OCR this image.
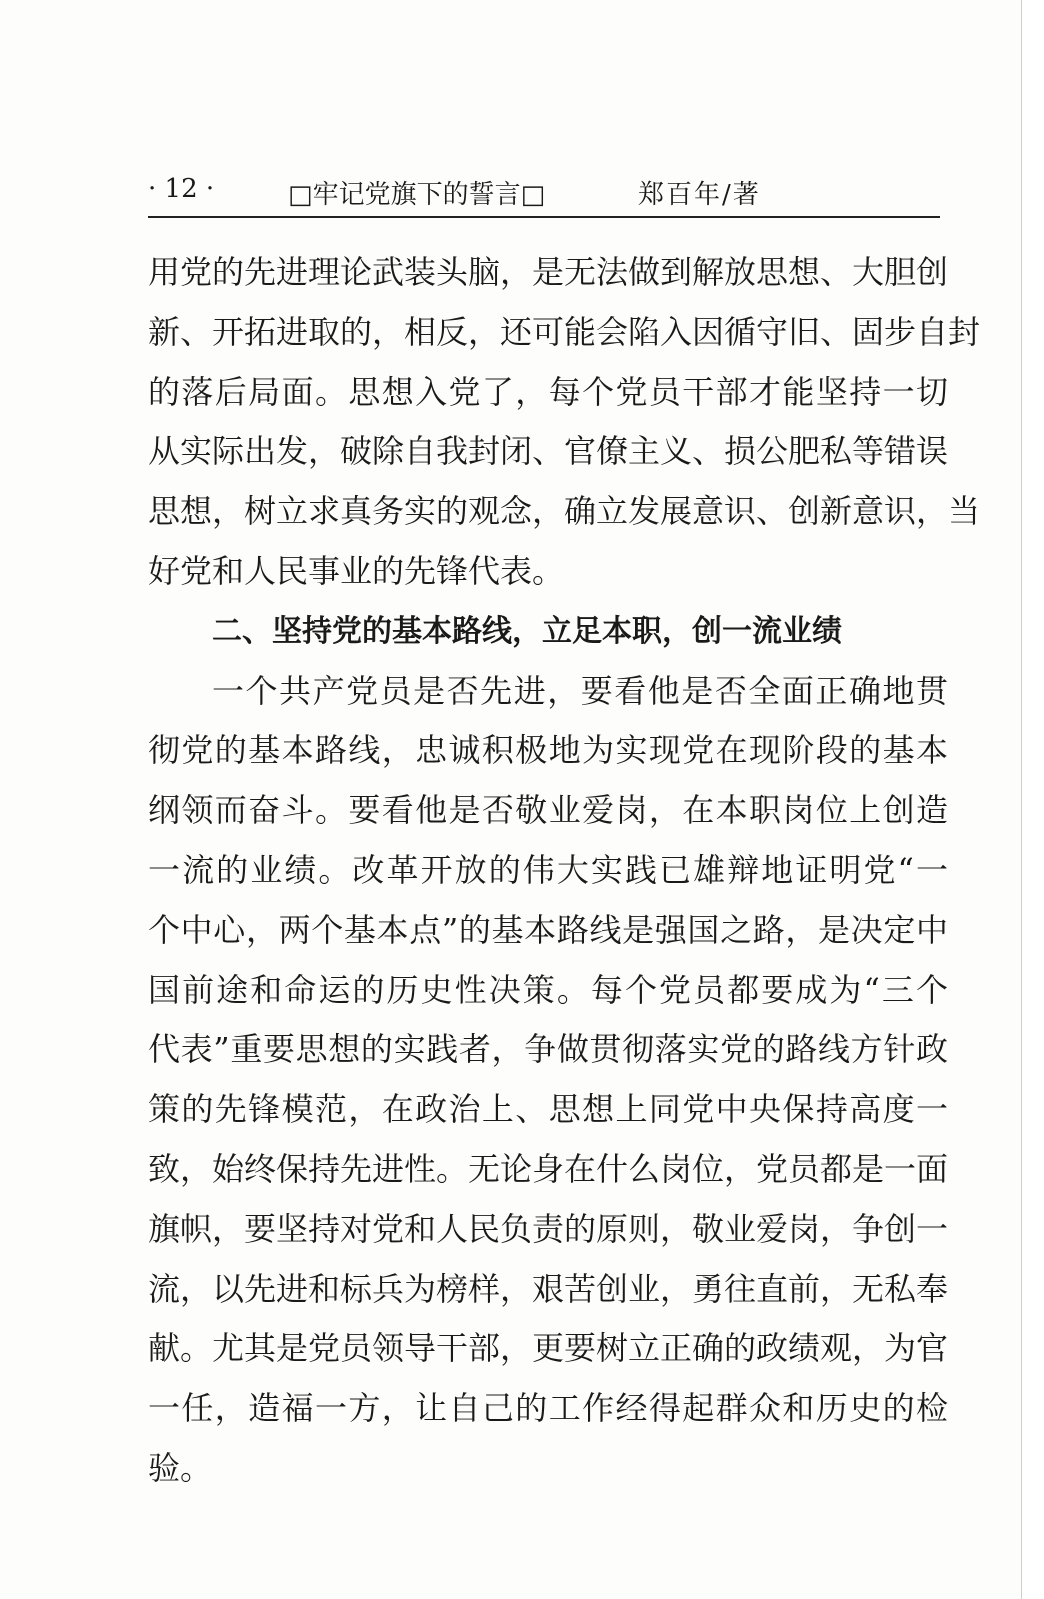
· 12 ·	□牢记党旗下的誓言□	郑百年/著
用党的先进理论武装头脑，是无法做到解放思想、大胆创
新、开拓进取的，相反，还可能会陷入因循守旧、固步自封
的落后局面。思想入党了，每个党员干部才能坚持一切
从实际出发，破除自我封闭、官僚主义、损公肥私等错误
思想，树立求真务实的观念，确立发展意识、创新意识，当
好党和人民事业的先锋代表。
二、坚持党的基本路线，立足本职，创一流业绩
一个共产党员是否先进，要看他是否全面正确地贯
彻党的基本路线，忠诚积极地为实现党在现阶段的基本
纲领而奋斗。要看他是否敬业爱岗，在本职岗位上创造
一流的业绩。改革开放的伟大实践已雄辩地证明党“一
个中心，两个基本点”的基本路线是强国之路，是决定中
国前途和命运的历史性决策。每个党员都要成为“三个
代表”重要思想的实践者，争做贯彻落实党的路线方针政
策的先锋模范，在政治上、思想上同党中央保持高度一
致，始终保持先进性。无论身在什么岗位，党员都是一面
旗帜，要坚持对党和人民负责的原则，敬业爱岗，争创一
流，以先进和标兵为榜样，艰苦创业，勇往直前，无私奉
献。尤其是党员领导干部，更要树立正确的政绩观，为官
一任，造福一方，让自己的工作经得起群众和历史的检
验。
